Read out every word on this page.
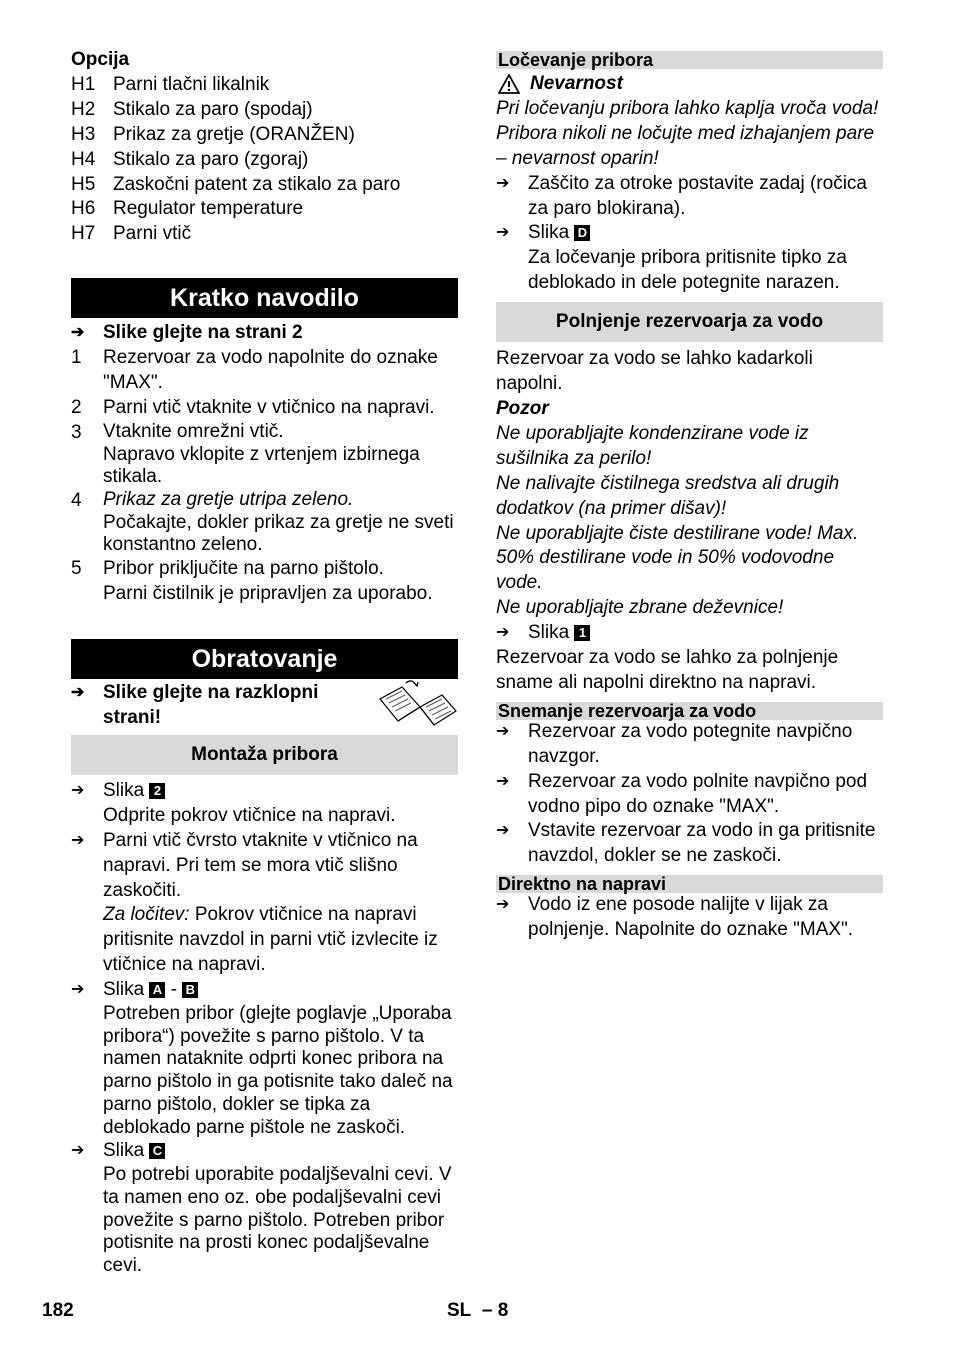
Opcija
H1 Parni tlačni likalnik
H2 Stikalo za paro (spodaj)
H3 Prikaz za gretje (ORANŽEN)
H4 Stikalo za paro (zgoraj)
H5 Zaskočni patent za stikalo za paro
H6 Regulator temperature
H7 Parni vtič
Kratko navodilo
➔ Slike glejte na strani 2
1	Rezervoar za vodo napolnite do oznake "MAX".
2	Parni vtič vtaknite v vtičnico na napravi.
3	Vtaknite omrežni vtič.
Napravo vklopite z vrtenjem izbirnega stikala.
4	Prikaz za gretje utripa zeleno.
Počakajte, dokler prikaz za gretje ne sveti konstantno zeleno.
5	Pribor priključite na parno pištolo.
Parni čistilnik je pripravljen za uporabo.
Obratovanje
➔ Slike glejte na razklopni strani!
Montaža pribora
➔ Slika 2
Odprite pokrov vtičnice na napravi.
➔ Parni vtič čvrsto vtaknite v vtičnico na napravi. Pri tem se mora vtič slišno zaskočiti.
Za ločitev: Pokrov vtičnice na napravi pritisnite navzdol in parni vtič izvlecite iz vtičnice na napravi.
➔ Slika A - B
Potreben pribor (glejte poglavje „Uporaba pribora“) povežite s parno pištolo. V ta namen nataknite odprti konec pribora na parno pištolo in ga potisnite tako daleč na parno pištolo, dokler se tipka za deblokado parne pištole ne zaskoči.
➔ Slika C
Po potrebi uporabite podaljševalni cevi. V ta namen eno oz. obe podaljševalni cevi povežite s parno pištolo. Potreben pribor potisnite na prosti konec podaljševalne cevi.
Ločevanje pribora
Nevarnost
Pri ločevanju pribora lahko kaplja vroča voda! Pribora nikoli ne ločujte med izhajanjem pare – nevarnost oparin!
➔ Zaščito za otroke postavite zadaj (ročica za paro blokirana).
➔ Slika D
Za ločevanje pribora pritisnite tipko za deblokado in dele potegnite narazen.
Polnjenje rezervoarja za vodo
Rezervoar za vodo se lahko kadarkoli napolni.
Pozor
Ne uporabljajte kondenzirane vode iz sušilnika za perilo!
Ne nalivajte čistilnega sredstva ali drugih dodatkov (na primer dišav)!
Ne uporabljajte čiste destilirane vode! Max. 50% destilirane vode in 50% vodovodne vode.
Ne uporabljajte zbrane deževnice!
➔ Slika 1
Rezervoar za vodo se lahko za polnjenje sname ali napolni direktno na napravi.
Snemanje rezervoarja za vodo
➔ Rezervoar za vodo potegnite navpično navzgor.
➔ Rezervoar za vodo polnite navpično pod vodno pipo do oznake "MAX".
➔ Vstavite rezervoar za vodo in ga pritisnite navzdol, dokler se ne zaskoči.
Direktno na napravi
➔ Vodo iz ene posode nalijte v lijak za polnjenje. Napolnite do oznake "MAX".
182	SL – 8
